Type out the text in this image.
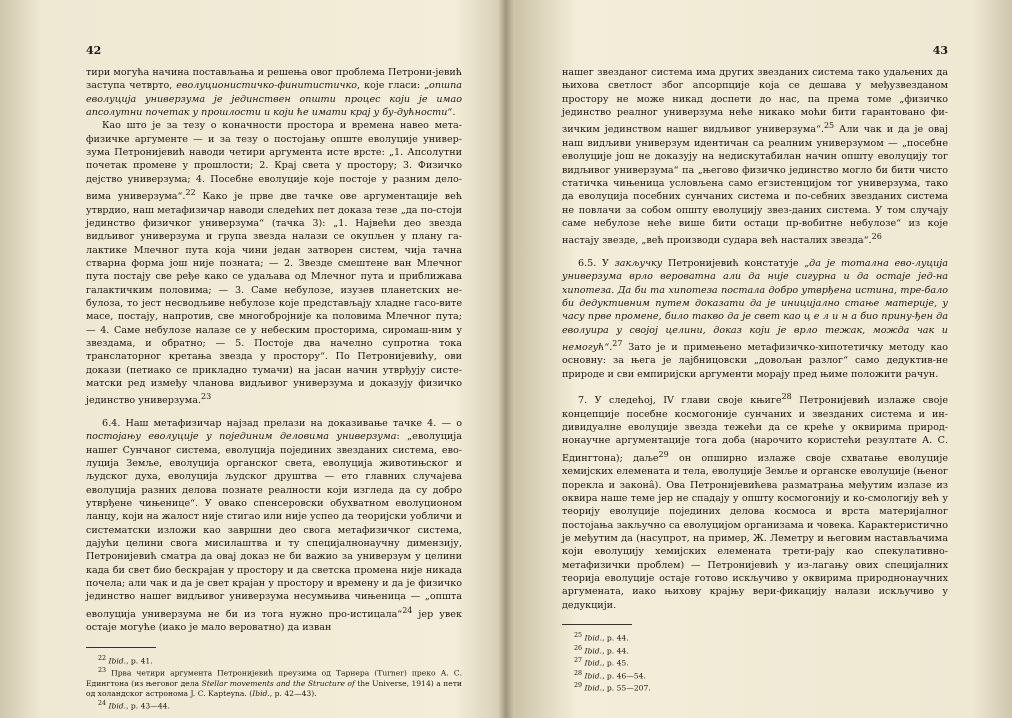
42

тири могућа начина постављања и решења овог проблема Петрони-јевић заступа четврто, еволуционистичко-финитистичко, које гласи: „опшпа еволуција универзума је јединствен општи процес који је имао апсолутни почетак у прошлости и који ће имати крај у бу-дућности“.

Као што је за тезу о коначности простора и времена навео мета-физичке аргументе — и за тезу о постојању опште еволуције универ-зума Петронијевић наводи четири аргумента исте врсте: „1. Апсолутни почетак промене у прошлости; 2. Крај света у простору; 3. Физичко дејство универзума; 4. Посебне еволуције које постоје у разним дело-вима универзума“.$^{22}$ Како је прве две тачке ове аргументације већ утврдио, наш метафизичар наводи следећих пет доказа тезе „да по-стоји јединство физичког универзума“ (тачка 3): „1. Највећи део звезда видљивог универзума и група звезда налази се окупљен у плану га-лактике Млечног пута која чини један затворен систем, чија тачна стварна форма још није позната; — 2. Звезде смештене ван Млечног пута постају све ређе како се удаљава од Млечног пута и приближава галактичким половима; — 3. Саме небулозе, изузев планетских не-булоза, то јест несводљиве небулозе које представљају хладне гасо-вите масе, постају, напротив, све многобројније ка половима Млечног пута; — 4. Саме небулозе налазе се у небеским просторима, сиромаш-ним у звездама, и обратно; — 5. Постоје два начелно супротна тока транслаторног кретања звезда у простору“. По Петронијевићу, ови докази (петиако се прикладно тумачи) на јасан начин утврђују систе-матски ред између чланова видљивог универзума и доказују физичко јединство универзума.$^{23}$

6.4. Наш метафизичар најзад прелази на доказивање тачке 4. — о постојању еволуције у појединим деловима универзума: „еволуција нашег Сунчаног система, еволуција појединих звезданих система, ево-луција Земље, еволуција органског света, еволуција животињског и људског духа, еволуција људског друштва — ето главних случајева еволуција разних делова познате реалности који изгледа да су добро утврђене чињенице“. У овако спенсеровски обухватном еволуционом ланцу, који на жалост није стигао или није успео да теоријски уобличи и систематски изложи као завршни део свога метафизичког система, дајући целини свога мисилаштва и ту специјалнонаучну димензију, Петронијевић смaтра да овај доказ не би важио за универзум у целини када би свет био бескрајан у простору и да светска промена није никада почела; али чак и да је свет крајан у простору и времену и да је физичко јединство нашег видљивог универзума несумњива чињеница — „општа еволуција универзума не би из тога нужно про-истицала“$^{24}$ јер увек остаје могуће (иако је мало вероватно) да изван

$^{22}$ Ibid., p. 41.

$^{23}$ Прва четири аргумента Петронијевић преузима од Тарнера (Turner) преко А. С. Едингтона (из његовог дела Stellar movements and the Structure of the Universe, 1914) а пети од холандског астронома J. C. Kapteyna. (Ibid., p. 42—43).

$^{24}$ Ibid., p. 43—44.

43

нашег звезданог система има других звезданих система тако удаљених да њихова светлост због апсорпције која се дешава у међузвезданом простору не може никад доспети до нас, па према томе „физичко јединство реалног универзума неће никако моћи бити гарантовано фи-зичким јединством нашег видљивог универзума“.$^{25}$ Али чак и да је овај наш видљиви универзум идентичан са реалним универзумом — „посебне еволуције још не доказују на недискутабилан начин општу еволуцију тог видљивог универзума“ па „његово физичко јединство могло би бити чисто статичка чињеница условљена само егзистенцијом тог универзума, тако да еволуција посебних сунчаних система и по-себних звезданих система не повлачи за собом општу еволуцију звез-даних система. У том случају саме небулозе неће више бити остаци пр-вобитне небулозе“ из које настају звезде, „већ производи судара већ насталих звезда“.$^{26}$

6.5. У закључку Петронијевић констатује „да је тотална ево-луција универзума врло вероватна али да није сигурна и да остаје јед-на хипотеза. Да би та хипотеза постала добро утврђена истина, тре-бало би дедуктивним путем доказати да је иницијално стање материје, у часу прве промене, било такво да је свет као ц е л и н а био прину-ђен да еволуира у својој целини, доказ који је врло тежак, можда чак и немогућ“.$^{27}$ Зато је и примењено метафизичко-хипотетичку методу као основну: за њега је лајбницовски „довољан разлог“ само дедуктив-не природе и сви емпиријски аргументи морају пред њиме положити рачун.

7. У следећој, IV глави своје књиге$^{28}$ Петронијевић излаже своје концепције посебне космогоније сунчаних и звезданих система и ин-дивидуалне еволуције звезда тежећи да се креће у оквирима природ-нонаучне аргументације тога доба (нарочито користећи резултате А. С. Едингтона); даље$^{29}$ он опширно излаже своје схватање еволуције хемијских елемената и тела, еволуције Земље и органске еволуције (њеног порекла и законâ). Ова Петронијевићева разматрања међутим излазе из оквира наше теме јер не спадају у општу космогонију и ко-смологију већ у теорију еволуције појединих делова космоса и врста материјалног постојања закључно са еволуцијом организама и човека. Карактеристично је међутим да (насупрот, на пример, Ж. Леметру и његовим настављачима који еволуцију хемијских елемената трети-рају као спекулативно-метафизички проблем) — Петронијевић у из-лагању ових специјалних теорија еволуције остаје готово искључиво у оквирима природнонаучних аргумената, иако њихову крајњу вери-фикацију налази искључиво у дедукцији.

$^{25}$ Ibid., p. 44.

$^{26}$ Ibid., p. 44.

$^{27}$ Ibid., p. 45.

$^{28}$ Ibid., p. 46—54.

$^{29}$ Ibid., p. 55—207.
